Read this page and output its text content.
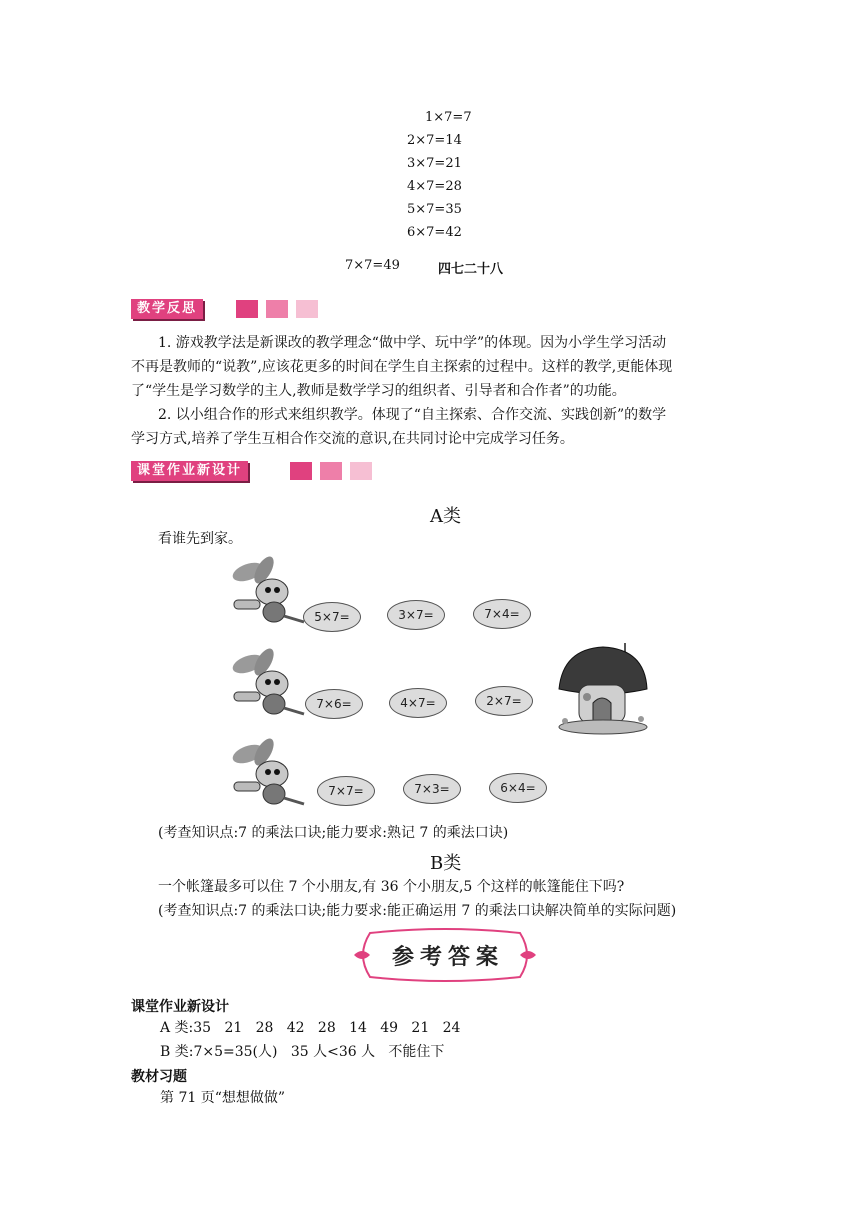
1×7=7
2×7=14
3×7=21
4×7=28
5×7=35
6×7=42
7×7=49	四七二十八
教学反思
1. 游戏教学法是新课改的教学理念“做中学、玩中学”的体现。因为小学生学习活动
不再是教师的“说教”,应该花更多的时间在学生自主探索的过程中。这样的教学,更能体现
了“学生是学习数学的主人,教师是数学学习的组织者、引导者和合作者”的功能。
2. 以小组合作的形式来组织教学。体现了“自主探索、合作交流、实践创新”的数学
学习方式,培养了学生互相合作交流的意识,在共同讨论中完成学习任务。
课堂作业新设计
A类
看谁先到家。
5×7=	3×7=	7×4=
7×6=	4×7=	2×7=
7×7=	7×3=	6×4=
(考查知识点:7 的乘法口诀;能力要求:熟记 7 的乘法口诀)
B类
一个帐篷最多可以住 7 个小朋友,有 36 个小朋友,5 个这样的帐篷能住下吗?
(考查知识点:7 的乘法口诀;能力要求:能正确运用 7 的乘法口诀解决简单的实际问题)
参考答案
课堂作业新设计
A 类:35   21   28   42   28   14   49   21   24
B 类:7×5=35(人)   35 人<36 人   不能住下
教材习题
第 71 页“想想做做”
